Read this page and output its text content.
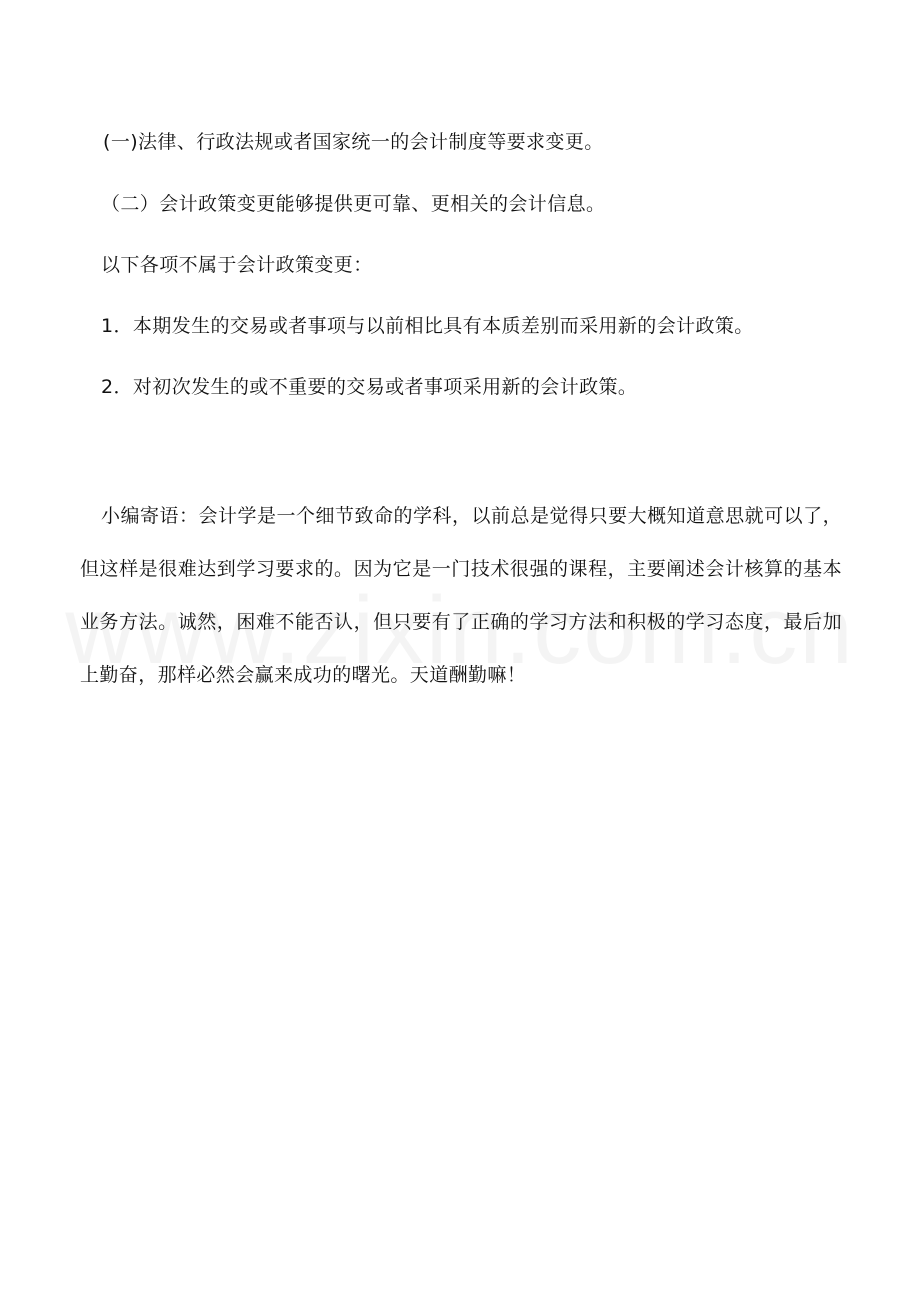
(一)法律、行政法规或者国家统一的会计制度等要求变更。
（二）会计政策变更能够提供更可靠、更相关的会计信息。
以下各项不属于会计政策变更：
1．本期发生的交易或者事项与以前相比具有本质差别而采用新的会计政策。
2．对初次发生的或不重要的交易或者事项采用新的会计政策。
小编寄语：会计学是一个细节致命的学科，以前总是觉得只要大概知道意思就可以了，但这样是很难达到学习要求的。因为它是一门技术很强的课程，主要阐述会计核算的基本业务方法。诚然，困难不能否认，但只要有了正确的学习方法和积极的学习态度，最后加上勤奋，那样必然会赢来成功的曙光。天道酬勤嘛！
